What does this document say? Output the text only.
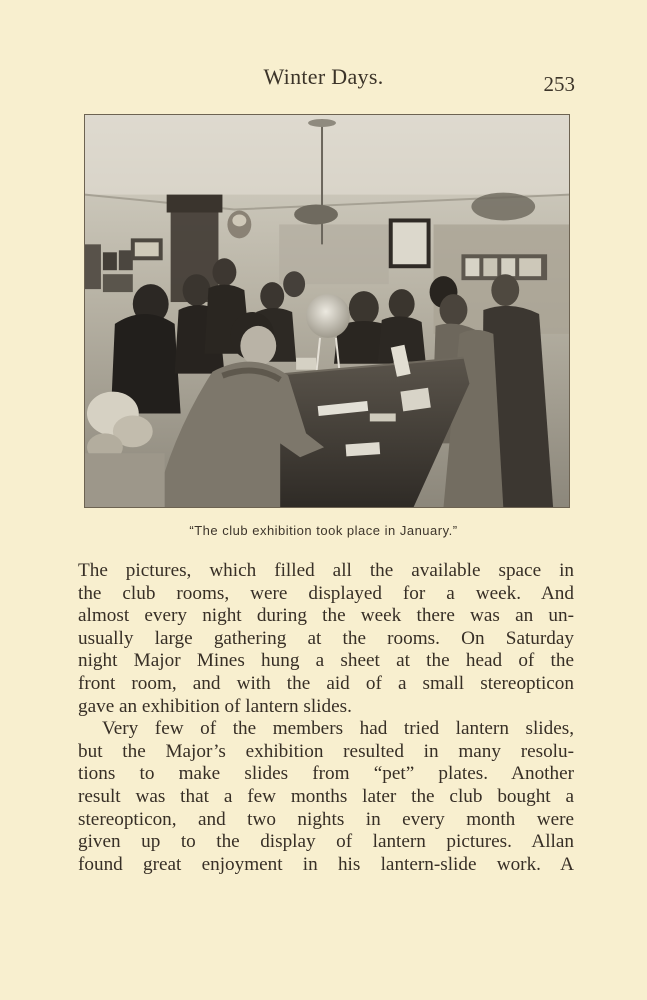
Winter Days.	253
“The club exhibition took place in January.”
The pictures, which filled all the available space in
the club rooms, were displayed for a week. And
almost every night during the week there was an un-
usually large gathering at the rooms. On Saturday
night Major Mines hung a sheet at the head of the
front room, and with the aid of a small stereopticon
gave an exhibition of lantern slides.
Very few of the members had tried lantern slides,
but the Major’s exhibition resulted in many resolu-
tions to make slides from “pet” plates. Another
result was that a few months later the club bought a
stereopticon, and two nights in every month were
given up to the display of lantern pictures. Allan
found great enjoyment in his lantern-slide work. A
